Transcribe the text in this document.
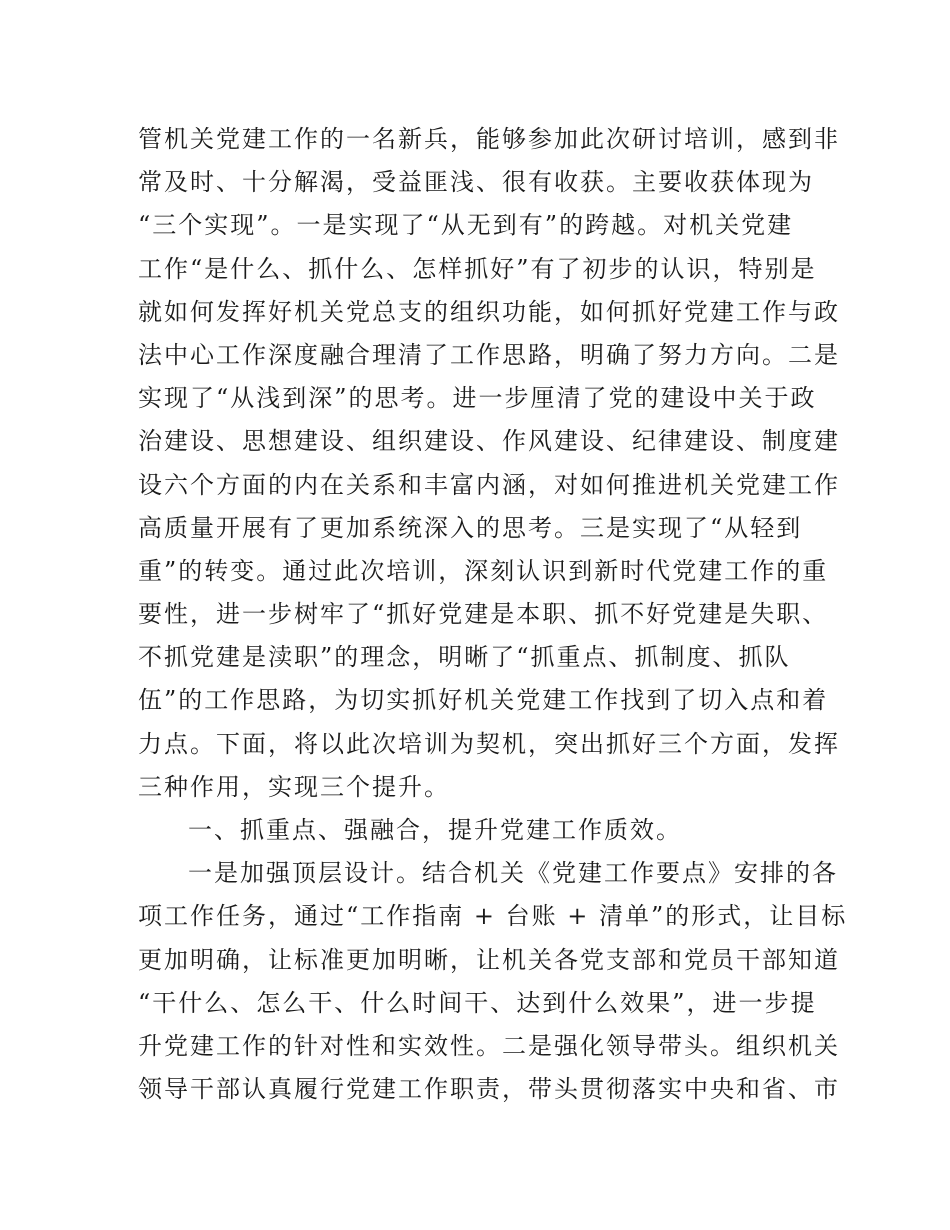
管机关党建工作的一名新兵，能够参加此次研讨培训，感到非
常及时、十分解渴，受益匪浅、很有收获。主要收获体现为
“三个实现”。一是实现了“从无到有”的跨越。对机关党建
工作“是什么、抓什么、怎样抓好”有了初步的认识，特别是
就如何发挥好机关党总支的组织功能，如何抓好党建工作与政
法中心工作深度融合理清了工作思路，明确了努力方向。二是
实现了“从浅到深”的思考。进一步厘清了党的建设中关于政
治建设、思想建设、组织建设、作风建设、纪律建设、制度建
设六个方面的内在关系和丰富内涵，对如何推进机关党建工作
高质量开展有了更加系统深入的思考。三是实现了“从轻到
重”的转变。通过此次培训，深刻认识到新时代党建工作的重
要性，进一步树牢了“抓好党建是本职、抓不好党建是失职、
不抓党建是渎职”的理念，明晰了“抓重点、抓制度、抓队
伍”的工作思路，为切实抓好机关党建工作找到了切入点和着
力点。下面，将以此次培训为契机，突出抓好三个方面，发挥
三种作用，实现三个提升。
一、抓重点、强融合，提升党建工作质效。
一是加强顶层设计。结合机关《党建工作要点》安排的各
项工作任务，通过“工作指南 + 台账 + 清单”的形式，让目标
更加明确，让标准更加明晰，让机关各党支部和党员干部知道
“干什么、怎么干、什么时间干、达到什么效果”，进一步提
升党建工作的针对性和实效性。二是强化领导带头。组织机关
领导干部认真履行党建工作职责，带头贯彻落实中央和省、市
